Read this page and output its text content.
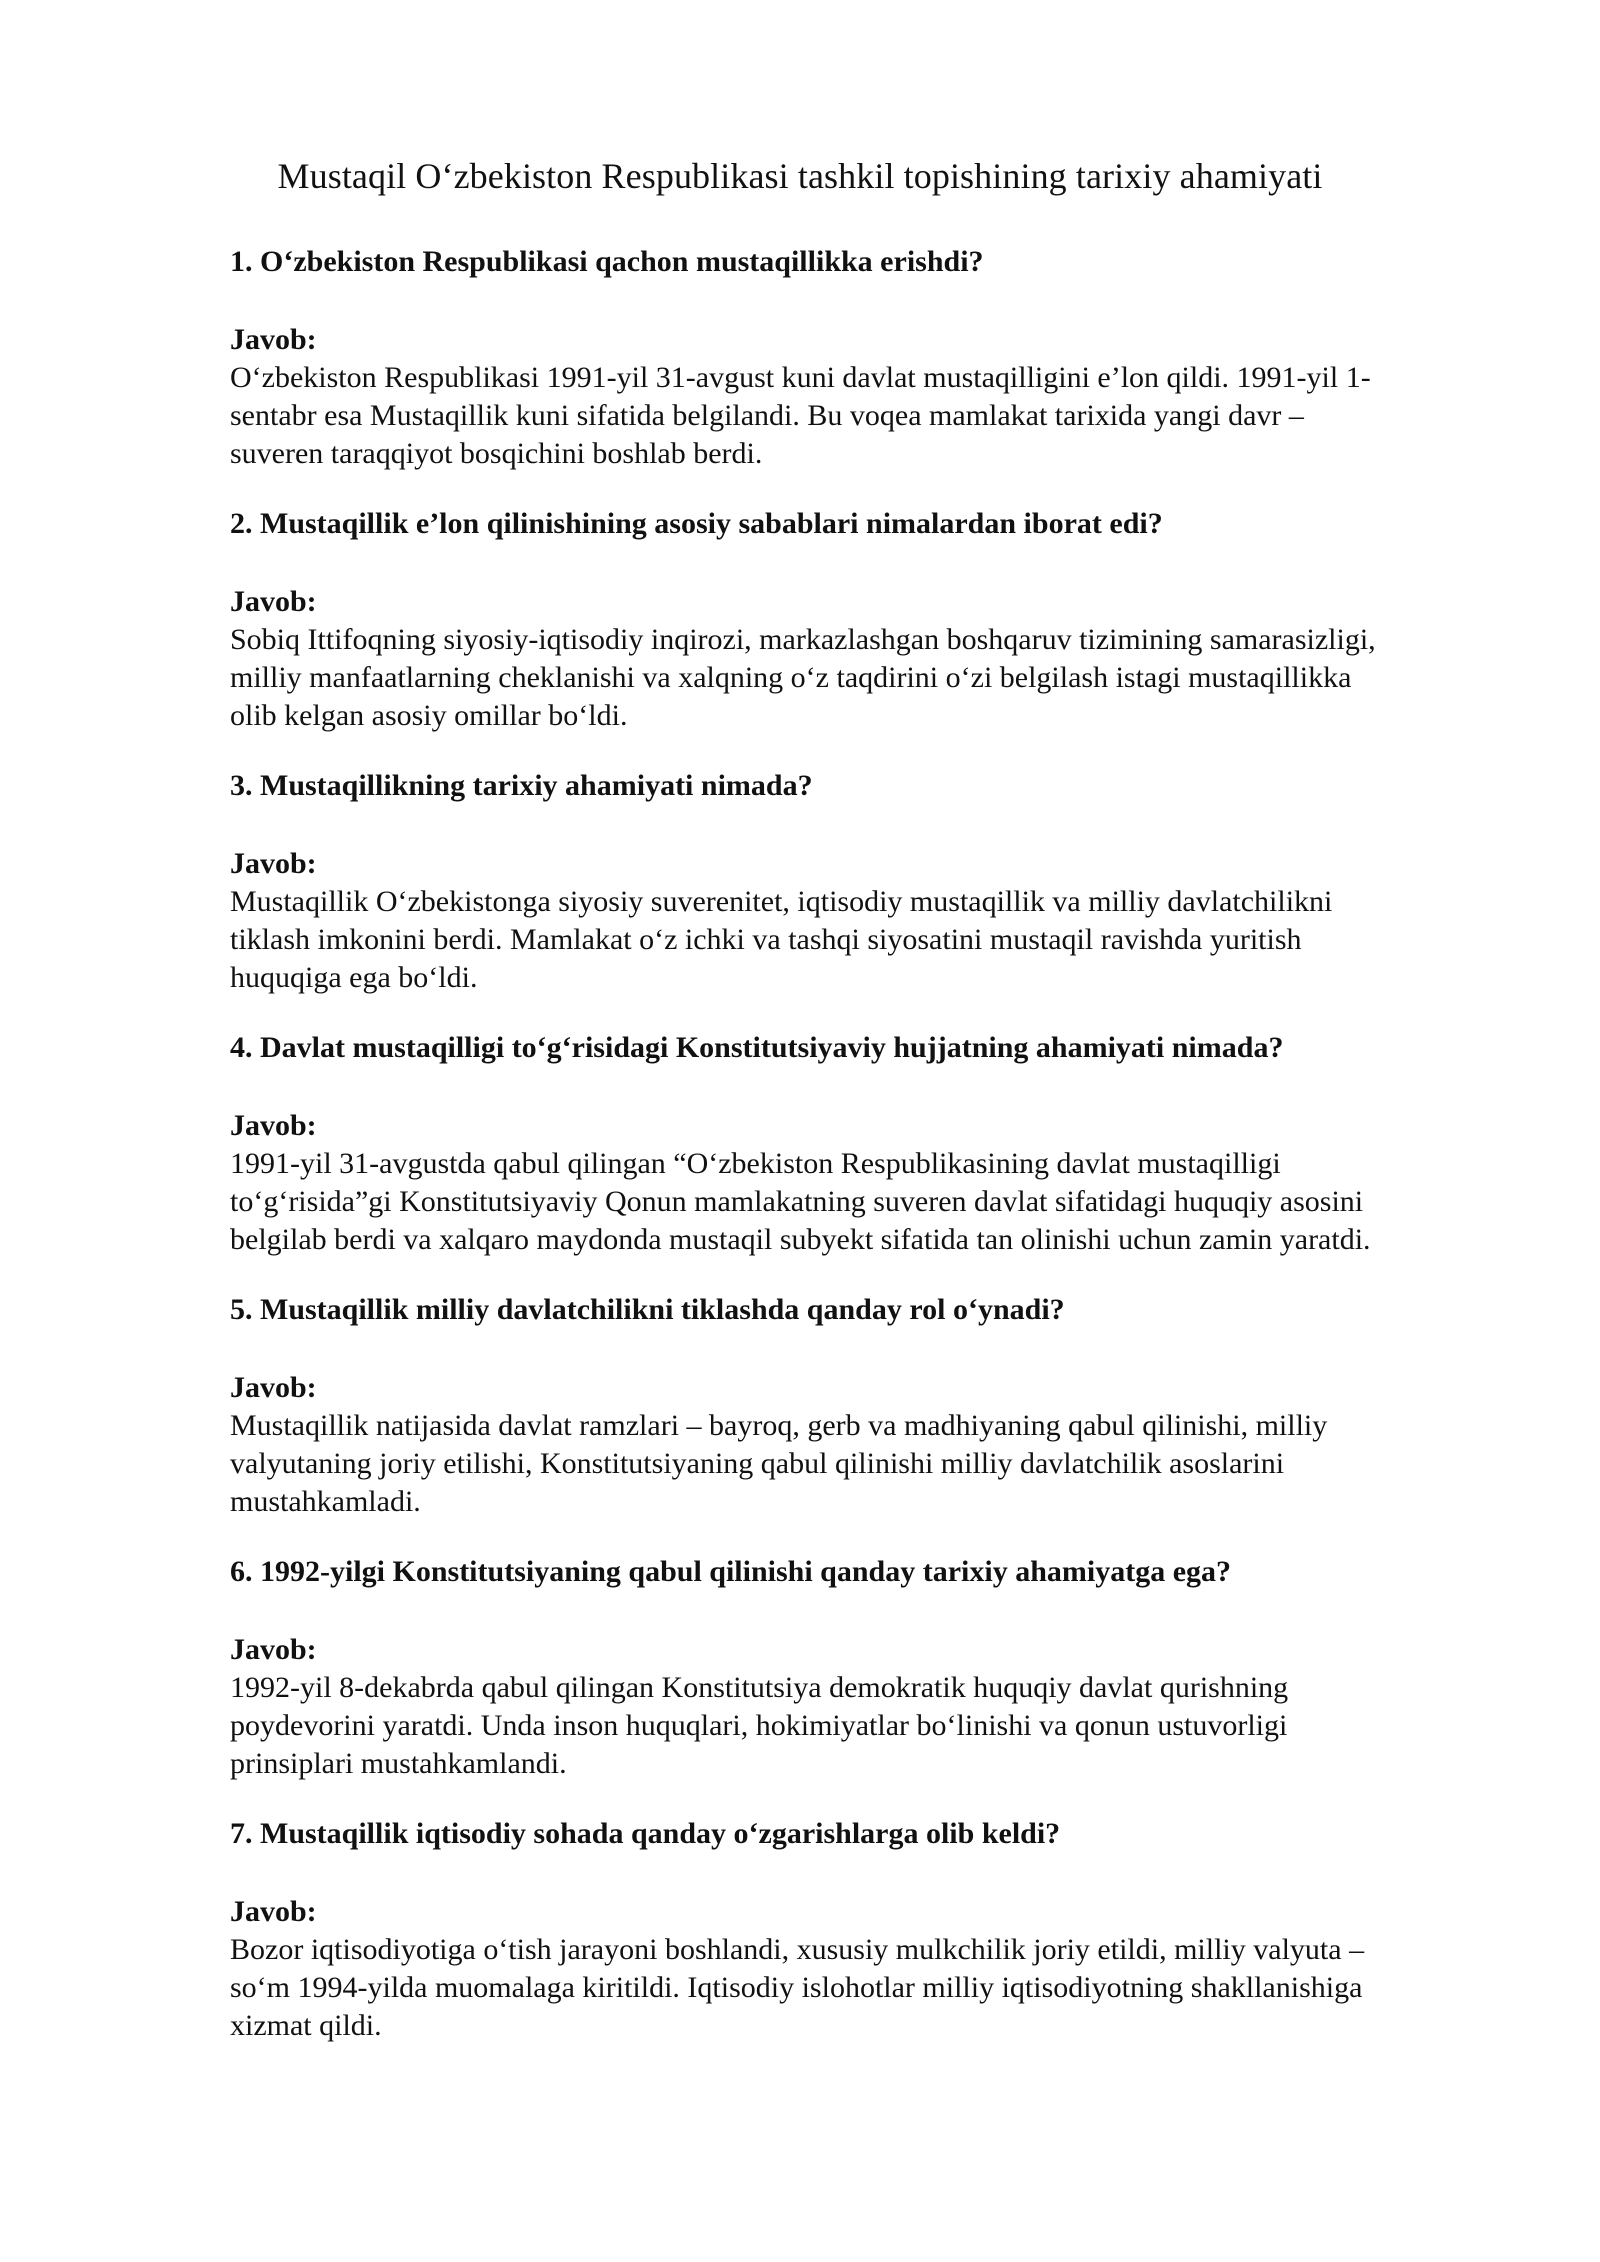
Mustaqil O‘zbekiston Respublikasi tashkil topishining tarixiy ahamiyati

1. O‘zbekiston Respublikasi qachon mustaqillikka erishdi?

Javob:

O‘zbekiston Respublikasi 1991-yil 31-avgust kuni davlat mustaqilligini e’lon qildi. 1991-yil 1-
sentabr esa Mustaqillik kuni sifatida belgilandi. Bu voqea mamlakat tarixida yangi davr –
suveren taraqqiyot bosqichini boshlab berdi.

2. Mustaqillik e’lon qilinishining asosiy sabablari nimalardan iborat edi?

Javob:

Sobiq Ittifoqning siyosiy-iqtisodiy inqirozi, markazlashgan boshqaruv tizimining samarasizligi,
milliy manfaatlarning cheklanishi va xalqning o‘z taqdirini o‘zi belgilash istagi mustaqillikka
olib kelgan asosiy omillar bo‘ldi.

3. Mustaqillikning tarixiy ahamiyati nimada?

Javob:

Mustaqillik O‘zbekistonga siyosiy suverenitet, iqtisodiy mustaqillik va milliy davlatchilikni
tiklash imkonini berdi. Mamlakat o‘z ichki va tashqi siyosatini mustaqil ravishda yuritish
huquqiga ega bo‘ldi.

4. Davlat mustaqilligi to‘g‘risidagi Konstitutsiyaviy hujjatning ahamiyati nimada?

Javob:

1991-yil 31-avgustda qabul qilingan “O‘zbekiston Respublikasining davlat mustaqilligi
to‘g‘risida”gi Konstitutsiyaviy Qonun mamlakatning suveren davlat sifatidagi huquqiy asosini
belgilab berdi va xalqaro maydonda mustaqil subyekt sifatida tan olinishi uchun zamin yaratdi.

5. Mustaqillik milliy davlatchilikni tiklashda qanday rol o‘ynadi?

Javob:

Mustaqillik natijasida davlat ramzlari – bayroq, gerb va madhiyaning qabul qilinishi, milliy
valyutaning joriy etilishi, Konstitutsiyaning qabul qilinishi milliy davlatchilik asoslarini
mustahkamladi.

6. 1992-yilgi Konstitutsiyaning qabul qilinishi qanday tarixiy ahamiyatga ega?

Javob:

1992-yil 8-dekabrda qabul qilingan Konstitutsiya demokratik huquqiy davlat qurishning
poydevorini yaratdi. Unda inson huquqlari, hokimiyatlar bo‘linishi va qonun ustuvorligi
prinsiplari mustahkamlandi.

7. Mustaqillik iqtisodiy sohada qanday o‘zgarishlarga olib keldi?

Javob:

Bozor iqtisodiyotiga o‘tish jarayoni boshlandi, xususiy mulkchilik joriy etildi, milliy valyuta –
so‘m 1994-yilda muomalaga kiritildi. Iqtisodiy islohotlar milliy iqtisodiyotning shakllanishiga
xizmat qildi.
